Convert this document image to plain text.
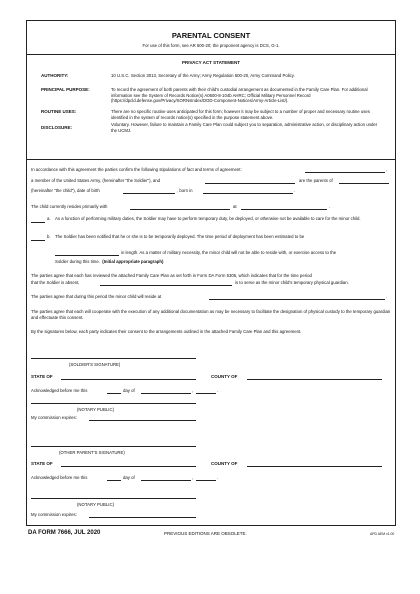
PARENTAL CONSENT
For use of this form, see AR 600-20; the proponent agency is DCS, G-1.
PRIVACY ACT STATEMENT
AUTHORITY:	10 U.S.C. Section 3013, Secretary of the Army; Army Regulation 600-20, Army Command Policy.
PRINCIPAL PURPOSE:	To record the agreement of both parents with their child's custodial arrangement as documented in the Family Care Plan. For additional information see the System of Records Notice(s) A0600-8-104b AHRC; Official Military Personnel Record (https://dpcld.defense.gov/Privacy/SORNsIndex/DOD-Component-Notices/Army-Article-List/).
ROUTINE USES:	There are no specific routine uses anticipated for this form; however it may be subject to a number of proper and necessary routine uses identified in the system of records notice(s) specified in the purpose statement above.
DISCLOSURE:
Voluntary. However, failure to maintain a Family Care Plan could subject you to separation, administrative action, or disciplinary action under the UCMJ.
In accordance with this agreement the parties confirm the following stipulations of fact and terms of agreement:	,
a member of the United States Army, (hereinafter "the Soldier"), and	are the parents of
(hereinafter "the child"), date of birth	, born in	.
The child currently resides primarily with	at	.
a. As a function of performing military duties, the Soldier may have to perform temporary duty, be deployed, or otherwise not be available to care for the minor child.
b. The Soldier has been notified that he or she is to be temporarily deployed. The time period of deployment has been estimated to be
in length. As a matter of military necessity, the minor child will not be able to reside with, or exercise access to the
Soldier during this time. (Initial appropriate paragraph)
The parties agree that each has reviewed the attached Family Care Plan as set forth in Form DA Form 5305, which indicates that for the time period
that the Soldier is absent,	is to serve as the minor child's temporary physical guardian.
The parties agree that during this period the minor child will reside at	.
The parties agree that each will cooperate with the execution of any additional documentation as may be necessary to facilitate the designation of physical custody to the temporary guardian and effectuate this consent.
By the signatures below, each party indicates their consent to the arrangements outlined in the attached Family Care Plan and this agreement.
(SOLDIER'S SIGNATURE)
STATE OF	COUNTY OF
Acknowledged before me this	day of	,	.
(NOTARY PUBLIC)
My commission expires:
(OTHER PARENT'S SIGNATURE)
STATE OF	COUNTY OF
Acknowledged before me this	day of	,	.
(NOTARY PUBLIC)
My commission expires:
DA FORM 7666, JUL 2020	PREVIOUS EDITIONS ARE OBSOLETE.	APD AEM v1.00
